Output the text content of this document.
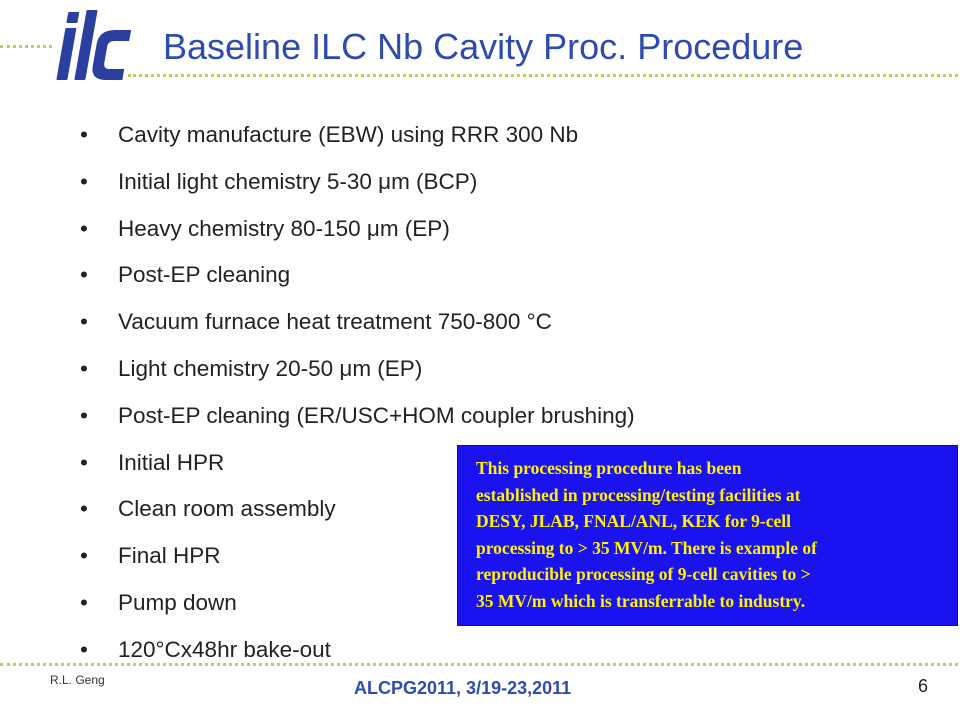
ilc
Baseline ILC Nb Cavity Proc. Procedure
• Cavity manufacture (EBW) using RRR 300 Nb
• Initial light chemistry 5-30 μm (BCP)
• Heavy chemistry 80-150 μm (EP)
• Post-EP cleaning
• Vacuum furnace heat treatment 750-800 °C
• Light chemistry 20-50 μm (EP)
• Post-EP cleaning (ER/USC+HOM coupler brushing)
• Initial HPR
• Clean room assembly
• Final HPR
• Pump down
• 120°Cx48hr bake-out
This processing procedure has been
established in processing/testing facilities at
DESY, JLAB, FNAL/ANL, KEK for 9-cell
processing to > 35 MV/m. There is example of
reproducible processing of 9-cell cavities to >
35 MV/m which is transferrable to industry.
R.L. Geng	ALCPG2011, 3/19-23,2011	6
